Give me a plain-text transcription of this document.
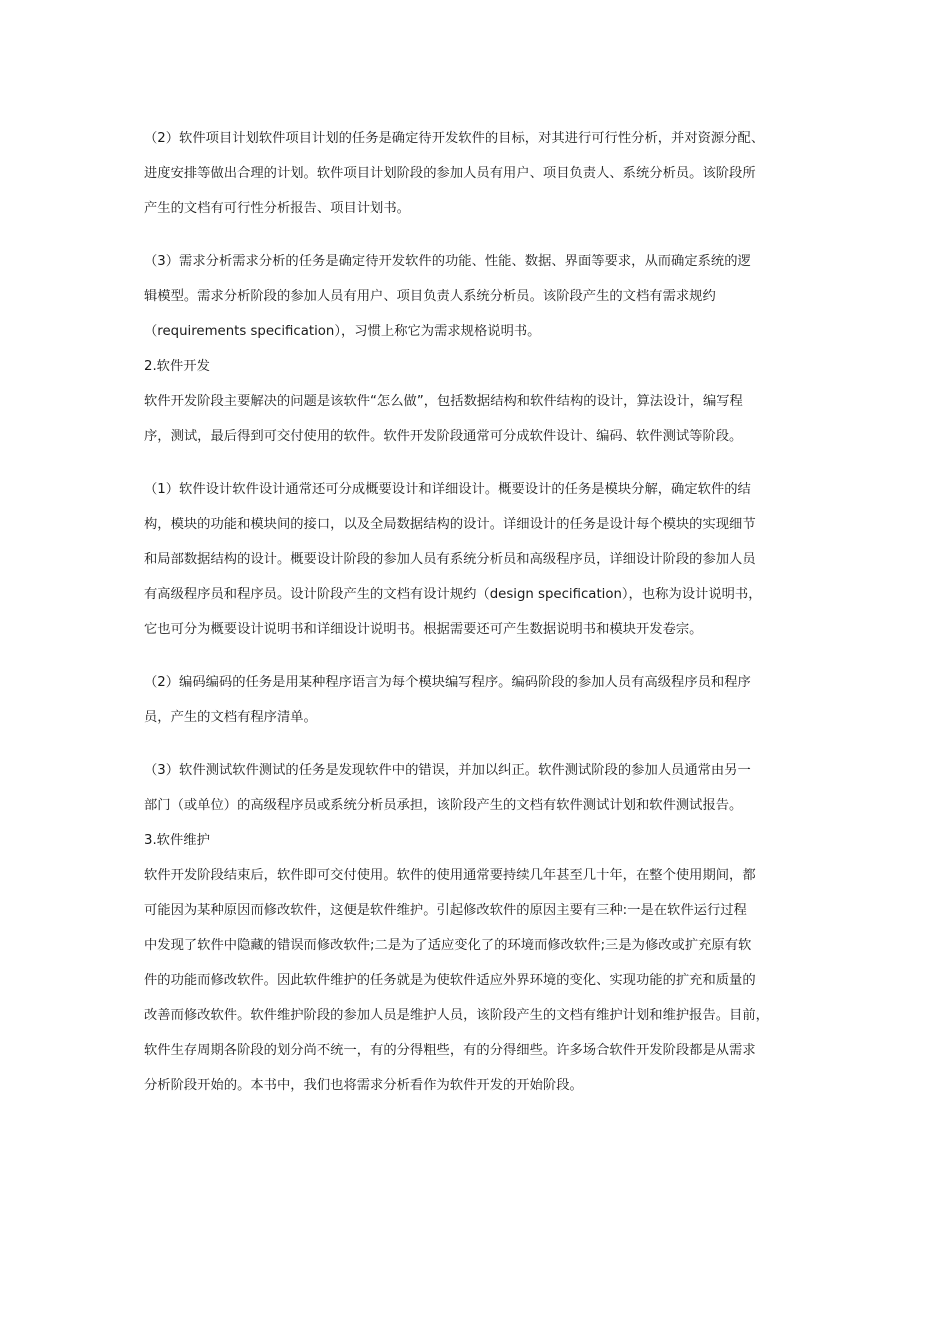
（2）软件项目计划软件项目计划的任务是确定待开发软件的目标，对其进行可行性分析，并对资源分配、
进度安排等做出合理的计划。软件项目计划阶段的参加人员有用户、项目负责人、系统分析员。该阶段所
产生的文档有可行性分析报告、项目计划书。

（3）需求分析需求分析的任务是确定待开发软件的功能、性能、数据、界面等要求，从而确定系统的逻
辑模型。需求分析阶段的参加人员有用户、项目负责人系统分析员。该阶段产生的文档有需求规约
（requirements specification），习惯上称它为需求规格说明书。

2.软件开发

软件开发阶段主要解决的问题是该软件“怎么做”，包括数据结构和软件结构的设计，算法设计，编写程
序，测试，最后得到可交付使用的软件。软件开发阶段通常可分成软件设计、编码、软件测试等阶段。

（1）软件设计软件设计通常还可分成概要设计和详细设计。概要设计的任务是模块分解，确定软件的结
构，模块的功能和模块间的接口，以及全局数据结构的设计。详细设计的任务是设计每个模块的实现细节
和局部数据结构的设计。概要设计阶段的参加人员有系统分析员和高级程序员，详细设计阶段的参加人员
有高级程序员和程序员。设计阶段产生的文档有设计规约（design specification），也称为设计说明书，
它也可分为概要设计说明书和详细设计说明书。根据需要还可产生数据说明书和模块开发卷宗。

（2）编码编码的任务是用某种程序语言为每个模块编写程序。编码阶段的参加人员有高级程序员和程序
员，产生的文档有程序清单。

（3）软件测试软件测试的任务是发现软件中的错误，并加以纠正。软件测试阶段的参加人员通常由另一
部门（或单位）的高级程序员或系统分析员承担，该阶段产生的文档有软件测试计划和软件测试报告。

3.软件维护

软件开发阶段结束后，软件即可交付使用。软件的使用通常要持续几年甚至几十年，在整个使用期间，都
可能因为某种原因而修改软件，这便是软件维护。引起修改软件的原因主要有三种:一是在软件运行过程
中发现了软件中隐藏的错误而修改软件;二是为了适应变化了的环境而修改软件;三是为修改或扩充原有软
件的功能而修改软件。因此软件维护的任务就是为使软件适应外界环境的变化、实现功能的扩充和质量的
改善而修改软件。软件维护阶段的参加人员是维护人员，该阶段产生的文档有维护计划和维护报告。目前，
软件生存周期各阶段的划分尚不统一，有的分得粗些，有的分得细些。许多场合软件开发阶段都是从需求
分析阶段开始的。本书中，我们也将需求分析看作为软件开发的开始阶段。
